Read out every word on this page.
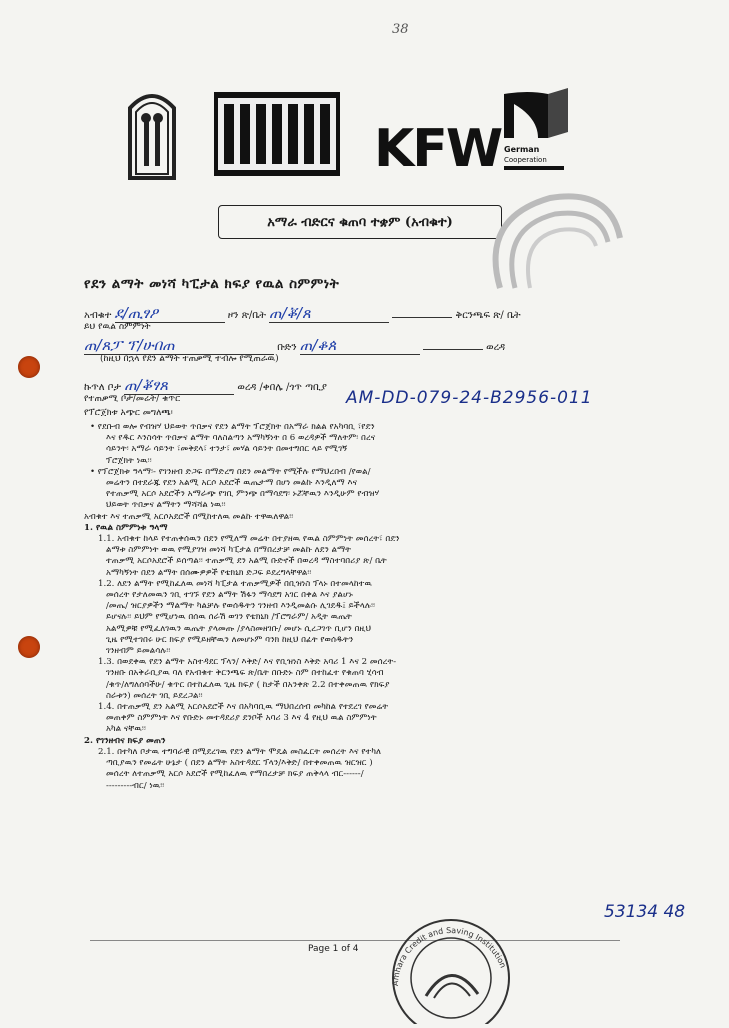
38
KFW German
Cooperation
አማራ ብድርና ቁጠባ ተቋም (አብቁተ)
የደን ልማት መነሻ ካፒታል ክፍያ የዉል ስምምነት
አብቁተ ደ/ጢፃዖ	ዞን ጽ/ቤት ጠ/ቖ/ጸ	ቅርንጫፍ ጽ/ ቤት
ይህ የዉል ስምምነት
ጠ/ጸፓ ፕ/ሁበጠ	ቡድን ጠ/ቆጰ	ወረዳ
(ከዚህ በኋላ የደን ልማት ተጠቃሚ ተብሎ የሚጠራዉ)
ኩጥለ ቦታ ጠ/ቖፃጸ	ወረዳ /ቀበሌ /ጎጥ ጣቢያ
የተጠቃሚ ቦታ/መሬት/ ቁጥር	AM-DD-079-24-B2956-011
የፕሮጀክቱ አጭር መግለጫ፡
• የደቡብ ወሎ የብዝሃ ህይወት ጥበቃና የደን ልማት ፕሮጀክት በአማራ ክልል የአካባቢ ፣የደን
እና የዱር እንስሳት ጥበቃና ልማት ባለስልጣን አማካኝነት በ 6 ወረዳዎች ማለትም፡ በረና
ሳይንት፡ አማራ ሳይንት ፣መቅደላ፣ ተንታ፣ መሃል ሳይንት በመተግበር ላይ የሚገኝ
ፕሮጀክት ነዉ፡፡
• የፕሮጀክቱ ዓላማ፡- የገንዘብ ድጋፍ በማድረግ በደን መልማት የሚችሉ የማህረበብ /የወል/
መሬትን በተደራጁ የደን አልሚ አርሶ አደሮች ዉጤታማ በሆነ መልኩ እንዲለማ እና
የተጠቃሚ አርሶ አደሮችን አማራጭ የገቢ ምንጭ በማሳደግ፡ ኑሯቸዉን እንዲሁም የብዝሃ
ህይወት ጥበቃና ልማትን ማሻሻል ነዉ፡፡
አብቁተ እና ተጠቃሚ አርሶአደሮች በሚከተለዉ መልኩ ተዋዉለዋል፡፡
1. የዉል ስምምነቱ ዓላማ
1.1. አብቁተ ከላይ የተጠቀሰዉን በደን የሚለማ መሬት በተያዘዉ የዉል ስምምነት መሰረት፣ በደን
ልማቱ ስምምነት ወዉ የሚያገዝ መነሻ ካፒታል በማበረታቻ መልኩ ለደን ልማት
ተጠቃሚ አርሶአደሮች ይሰጣል፡፡ ተጠቃሚ ደን አልሚ ቡድኖች በወረዳ ማስተባበሪያ ጽ/ ቤት
አማካኝነት በደን ልማት በሰሙዎዎች የቴክኒክ ድጋፍ ይደረግላቸዋል፡፡
1.2. ለደን ልማት የሚከፈለዉ መነሻ ካፒታል ተጠቃሚዎች በቢዝነስ ፕላኑ በተመላከተዉ
መሰረት የታለመዉን ገቢ ተገኙ የደን ልማት ሽፋን ማሳደግ አገር በቀል እና ያልሆኑ
/መጤ/ ዝርያዎችን ማልማት ካልቻሉ የወሰዱትን ገንዘብ እንዲመልሱ ሊገደዱ፤ ይችላሉ፡፡
ይሆናሉ፡፡ ይህም የሚሆነዉ በሰዉ ሰራሽ ወገን የቴክኒክ /ፕሮግራም/ አዲት ዉጤት
አልሚዎቹ የሚፈለገዉን ዉጤት ያላመጡ /ያላስመዘገቡ/ መሆኑ ሲረጋገጥ ቢሆን በዚህ
ጊዜ የሚተገበሩ ሁር ክፍያ የሚይዘቸዉን ለመሆኑም ባንክ ከዚህ በፊት የወሰዱትን
ገንዘብም ይመልሳሉ፡፡
1.3. በወደቀዉ የደን ልማት አስተዳደር ፕላን/ እቅድ/ እና የቢዝነስ እቅድ አባሪ 1 እና 2 መሰረት-
ገንዘቡ በአቅራቢያዉ ባለ የአብቁተ ቅርንጫፍ ጽ/ቤት በቡድኑ ስም በተከፈተ የቁጠባ ሂሳብ
/ቁጥ/ለግለሰባችሁ/ ቁጥር በተከፈለዉ ጊዜ ክፍያ ( ከታች በአንቀጽ 2.2 በተቀመጠዉ የክፍያ
ስራቱን) መሰረት ገቢ ይደረጋል፡፡
1.4. በተጠቃሚ ደን አልሚ አርሶአደሮች እና በአካባቢዉ ማህበረሰብ መካከል የተደረገ የመሬት
መጠቀም ስምምነት እና የቡድኑ መተዳደሪያ ደንቦች አባሪ 3 እና 4 የዚህ ዉል ስምምነት
አካል ናቸዉ፡፡
2. የገንዘብና ክፍያ መጠን
2.1. በተካለ ቦታዉ ተግባራዊ በሚደረገዉ የደን ልማት ሞዴል መስፈርት መሰረት እና የተካለ
ጣቢያዉን የመሬት ሁኔታ ( በደን ልማት አስተዳደር ፕላን/እቅድ/ በተቀመጠዉ ዝርዝር )
መሰረት ለተጠቃሚ አርሶ አደሮች የሚከፈለዉ የማበረታቻ ክፍያ ጠቅላላ ብር------/
---------ብር/ ነዉ፡፡
53134 48
Page 1 of 4
Amhara Credit and Saving Institution
